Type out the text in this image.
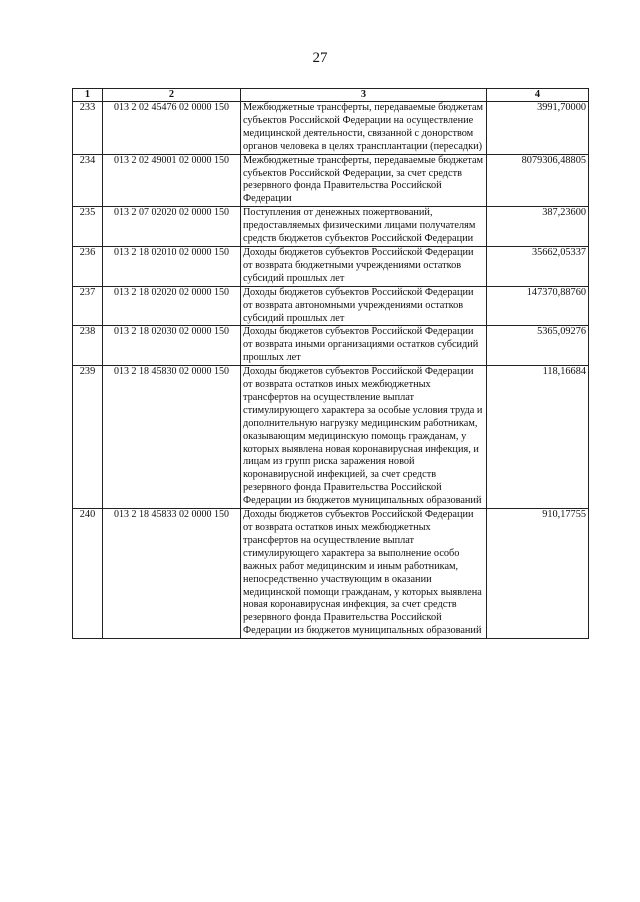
27
1	2	3	4
233	013 2 02 45476 02 0000 150	Межбюджетные трансферты, передаваемые бюджетам субъектов Российской Федерации на осуществление медицинской деятельности, связанной с донорством органов человека в целях трансплантации (пересадки)	3991,70000
234	013 2 02 49001 02 0000 150	Межбюджетные трансферты, передаваемые бюджетам субъектов Российской Федерации, за счет средств резервного фонда Правительства Российской Федерации	8079306,48805
235	013 2 07 02020 02 0000 150	Поступления от денежных пожертвований, предоставляемых физическими лицами получателям средств бюджетов субъектов Российской Федерации	387,23600
236	013 2 18 02010 02 0000 150	Доходы бюджетов субъектов Российской Федерации от возврата бюджетными учреждениями остатков субсидий прошлых лет	35662,05337
237	013 2 18 02020 02 0000 150	Доходы бюджетов субъектов Российской Федерации от возврата автономными учреждениями остатков субсидий прошлых лет	147370,88760
238	013 2 18 02030 02 0000 150	Доходы бюджетов субъектов Российской Федерации от возврата иными организациями остатков субсидий прошлых лет	5365,09276
239	013 2 18 45830 02 0000 150	Доходы бюджетов субъектов Российской Федерации от возврата остатков иных межбюджетных трансфертов на осуществление выплат стимулирующего характера за особые условия труда и дополнительную нагрузку медицинским работникам, оказывающим медицинскую помощь гражданам, у которых выявлена новая коронавирусная инфекция, и лицам из групп риска заражения новой коронавирусной инфекцией, за счет средств резервного фонда Правительства Российской Федерации из бюджетов муниципальных образований	118,16684
240	013 2 18 45833 02 0000 150	Доходы бюджетов субъектов Российской Федерации от возврата остатков иных межбюджетных трансфертов на осуществление выплат стимулирующего характера за выполнение особо важных работ медицинским и иным работникам, непосредственно участвующим в оказании медицинской помощи гражданам, у которых выявлена новая коронавирусная инфекция, за счет средств резервного фонда Правительства Российской Федерации из бюджетов муниципальных образований	910,17755
